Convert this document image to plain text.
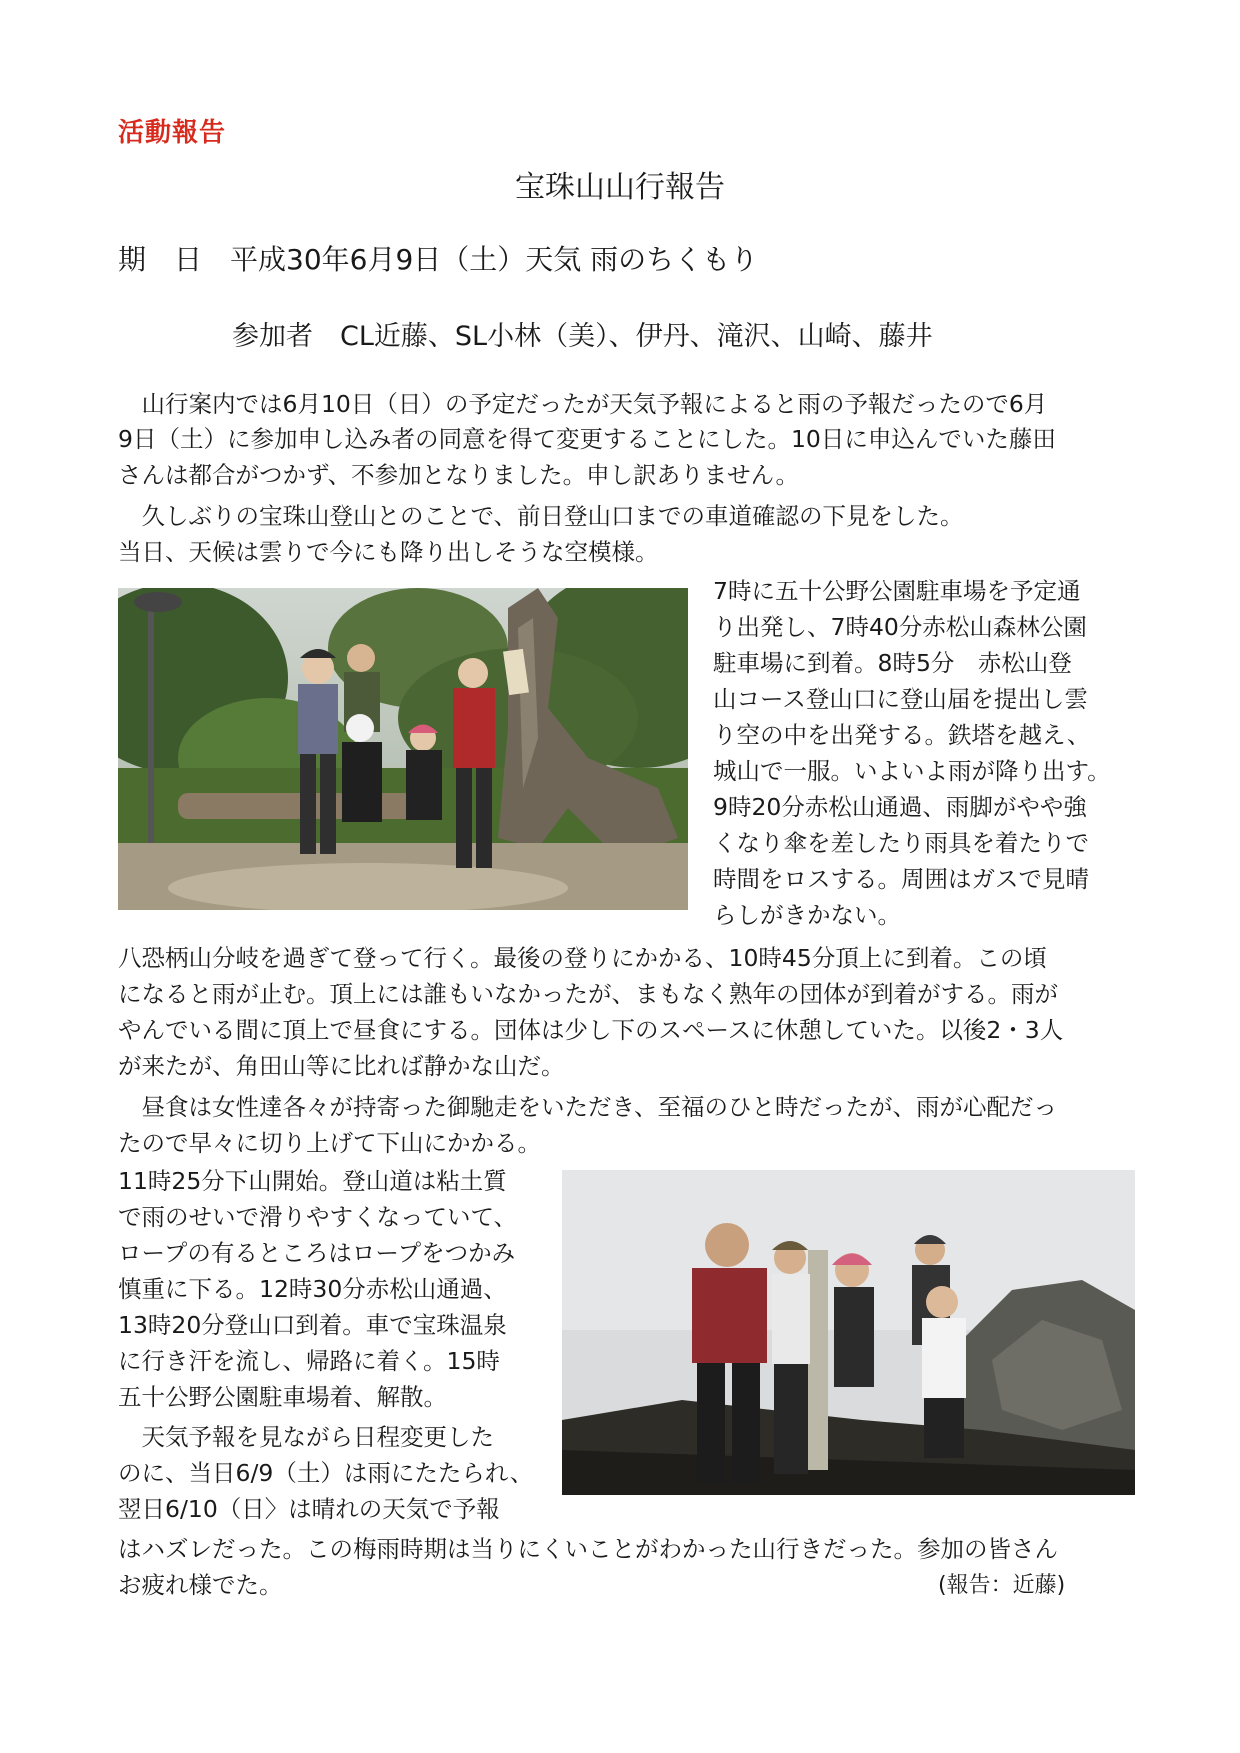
活動報告
宝珠山山行報告
期　日　平成30年6月9日（土）天気 雨のちくもり
参加者　CL近藤、SL小林（美）、伊丹、滝沢、山崎、藤井
　山行案内では6月10日（日）の予定だったが天気予報によると雨の予報だったので6月
9日（土）に参加申し込み者の同意を得て変更することにした。10日に申込んでいた藤田
さんは都合がつかず、不参加となりました。申し訳ありません。
　久しぶりの宝珠山登山とのことで、前日登山口までの車道確認の下見をした。
当日、天候は雲りで今にも降り出しそうな空模様。
7時に五十公野公園駐車場を予定通
り出発し、7時40分赤松山森林公園
駐車場に到着。8時5分　赤松山登
山コース登山口に登山届を提出し雲
り空の中を出発する。鉄塔を越え、
城山で一服。いよいよ雨が降り出す。
9時20分赤松山通過、雨脚がやや強
くなり傘を差したり雨具を着たりで
時間をロスする。周囲はガスで見晴
らしがきかない。
八恐柄山分岐を過ぎて登って行く。最後の登りにかかる、10時45分頂上に到着。この頃
になると雨が止む。頂上には誰もいなかったが、まもなく熟年の団体が到着がする。雨が
やんでいる間に頂上で昼食にする。団体は少し下のスペースに休憩していた。以後2・3人
が来たが、角田山等に比れば静かな山だ。
　昼食は女性達各々が持寄った御馳走をいただき、至福のひと時だったが、雨が心配だっ
たので早々に切り上げて下山にかかる。
11時25分下山開始。登山道は粘土質
で雨のせいで滑りやすくなっていて、
ロープの有るところはロープをつかみ
慎重に下る。12時30分赤松山通過、
13時20分登山口到着。車で宝珠温泉
に行き汗を流し、帰路に着く。15時
五十公野公園駐車場着、解散。
　天気予報を見ながら日程変更した
のに、当日6/9（土）は雨にたたられ、
翌日6/10（日〉は晴れの天気で予報
はハズレだった。この梅雨時期は当りにくいことがわかった山行きだった。参加の皆さん
お疲れ様でた。	(報告：近藤)
